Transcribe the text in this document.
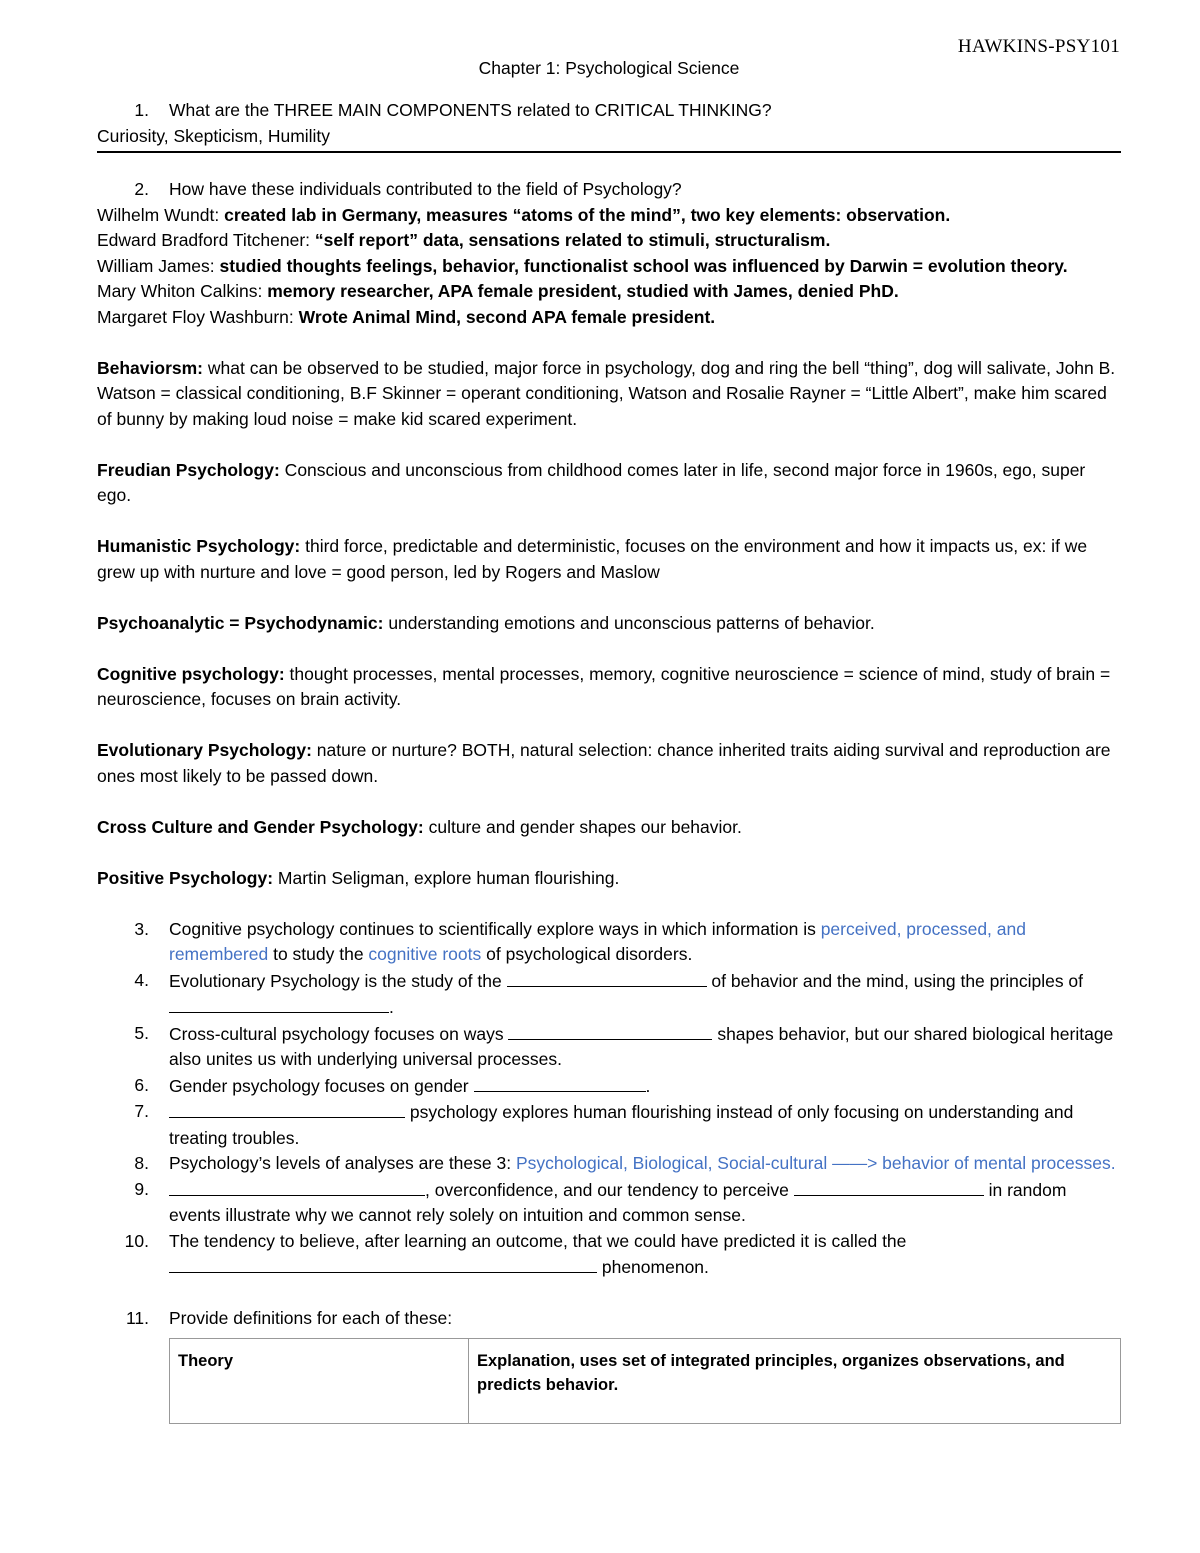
HAWKINS-PSY101
Chapter 1: Psychological Science
1. What are the THREE MAIN COMPONENTS related to CRITICAL THINKING?
Curiosity, Skepticism, Humility
2. How have these individuals contributed to the field of Psychology?
Wilhelm Wundt: created lab in Germany, measures “atoms of the mind”, two key elements: observation.
Edward Bradford Titchener: “self report” data, sensations related to stimuli, structuralism.
William James: studied thoughts feelings, behavior, functionalist school was influenced by Darwin = evolution theory.
Mary Whiton Calkins: memory researcher, APA female president, studied with James, denied PhD.
Margaret Floy Washburn: Wrote Animal Mind, second APA female president.
Behaviorsm: what can be observed to be studied, major force in psychology, dog and ring the bell “thing”, dog will salivate, John B. Watson = classical conditioning, B.F Skinner = operant conditioning, Watson and Rosalie Rayner = “Little Albert”, make him scared of bunny by making loud noise = make kid scared experiment.
Freudian Psychology: Conscious and unconscious from childhood comes later in life, second major force in 1960s, ego, super ego.
Humanistic Psychology: third force, predictable and deterministic, focuses on the environment and how it impacts us, ex: if we grew up with nurture and love = good person, led by Rogers and Maslow
Psychoanalytic = Psychodynamic: understanding emotions and unconscious patterns of behavior.
Cognitive psychology: thought processes, mental processes, memory, cognitive neuroscience = science of mind, study of brain = neuroscience, focuses on brain activity.
Evolutionary Psychology: nature or nurture? BOTH, natural selection: chance inherited traits aiding survival and reproduction are ones most likely to be passed down.
Cross Culture and Gender Psychology: culture and gender shapes our behavior.
Positive Psychology: Martin Seligman, explore human flourishing.
3. Cognitive psychology continues to scientifically explore ways in which information is perceived, processed, and remembered to study the cognitive roots of psychological disorders.
4. Evolutionary Psychology is the study of the	of behavior and the mind, using the principles of .
5. Cross-cultural psychology focuses on ways	shapes behavior, but our shared biological heritage also unites us with underlying universal processes.
6. Gender psychology focuses on gender	.
7.	psychology explores human flourishing instead of only focusing on understanding and treating troubles.
8. Psychology’s levels of analyses are these 3: Psychological, Biological, Social-cultural ——> behavior of mental processes.
9.	, overconfidence, and our tendency to perceive	in random events illustrate why we cannot rely solely on intuition and common sense.
10. The tendency to believe, after learning an outcome, that we could have predicted it is called the
phenomenon.
11. Provide definitions for each of these:
Theory	Explanation, uses set of integrated principles, organizes observations, and predicts behavior.
